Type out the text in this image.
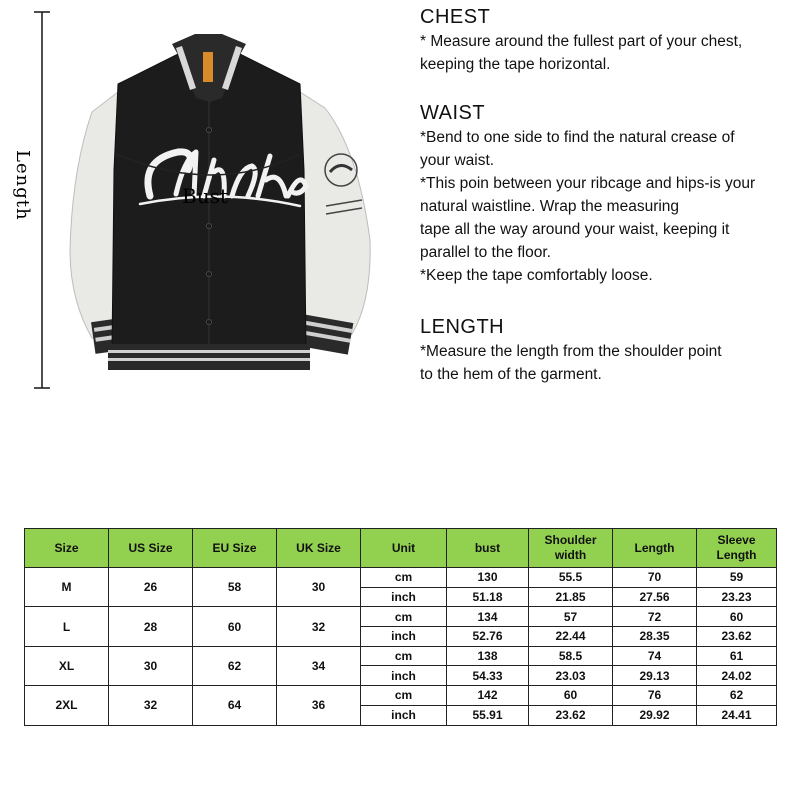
Length	Bust
CHEST

* Measure around the fullest part of your chest,

keeping the tape horizontal.

WAIST

*Bend to one side to find the natural crease of

your waist.

*This poin between your ribcage and hips-is your

natural waistline. Wrap the measuring

tape all the way around your waist, keeping it

parallel to the floor.

*Keep the tape comfortably loose.

LENGTH

*Measure the length from the shoulder point

to the hem of the garment.

Size	US Size	EU Size	UK Size	Unit	bust	Shoulder width	Length	Sleeve Length
M	26	58	30	cm	130	55.5	70	59
				inch	51.18	21.85	27.56	23.23
L	28	60	32	cm	134	57	72	60
				inch	52.76	22.44	28.35	23.62
XL	30	62	34	cm	138	58.5	74	61
				inch	54.33	23.03	29.13	24.02
2XL	32	64	36	cm	142	60	76	62
				inch	55.91	23.62	29.92	24.41
